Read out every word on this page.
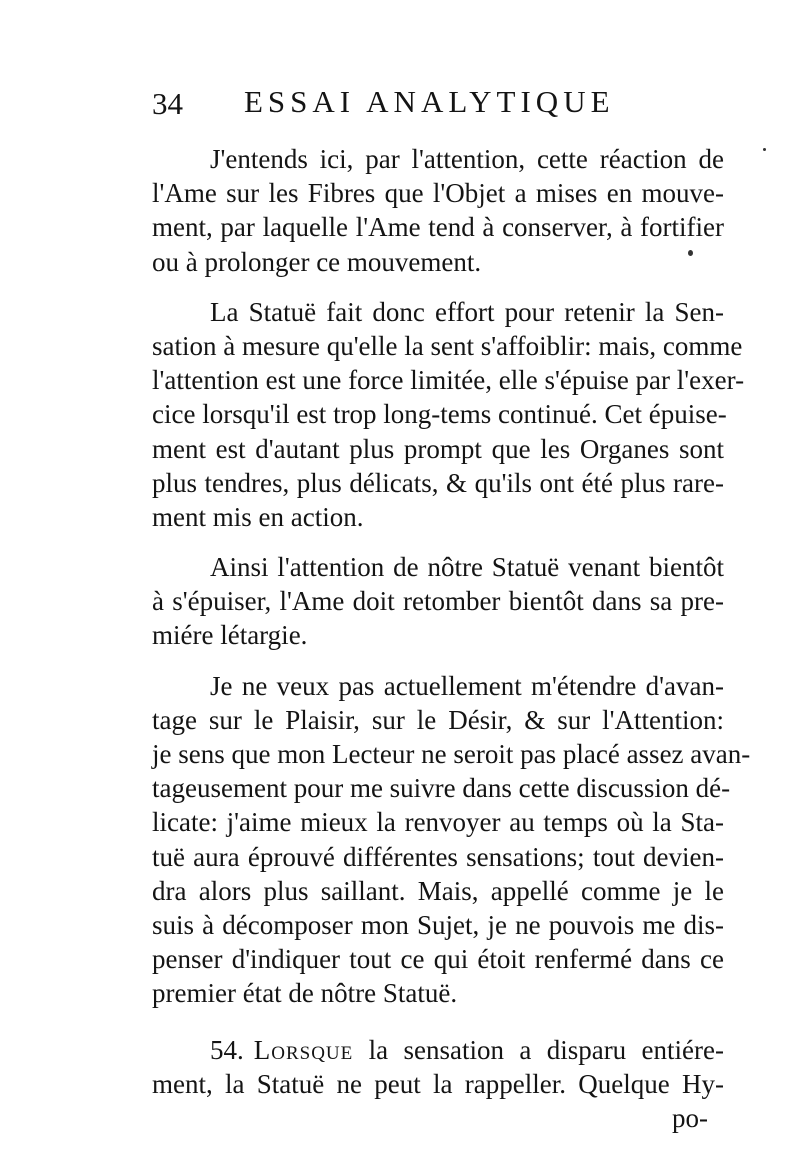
34 ESSAI ANALYTIQUE
J'entends ici, par l'attention, cette réaction de
l'Ame sur les Fibres que l'Objet a mises en mouve-
ment, par laquelle l'Ame tend à conserver, à fortifier
ou à prolonger ce mouvement.
La Statuë fait donc effort pour retenir la Sen-
sation à mesure qu'elle la sent s'affoiblir: mais, comme
l'attention est une force limitée, elle s'épuise par l'exer-
cice lorsqu'il est trop long-tems continué. Cet épuise-
ment est d'autant plus prompt que les Organes sont
plus tendres, plus délicats, & qu'ils ont été plus rare-
ment mis en action.
Ainsi l'attention de nôtre Statuë venant bientôt
à s'épuiser, l'Ame doit retomber bientôt dans sa pre-
miére létargie.
Je ne veux pas actuellement m'étendre d'avan-
tage sur le Plaisir, sur le Désir, & sur l'Attention:
je sens que mon Lecteur ne seroit pas placé assez avan-
tageusement pour me suivre dans cette discussion dé-
licate: j'aime mieux la renvoyer au temps où la Sta-
tuë aura éprouvé différentes sensations; tout devien-
dra alors plus saillant. Mais, appellé comme je le
suis à décomposer mon Sujet, je ne pouvois me dis-
penser d'indiquer tout ce qui étoit renfermé dans ce
premier état de nôtre Statuë.
54. Lorsque la sensation a disparu entiére-
ment, la Statuë ne peut la rappeller. Quelque Hy-
po-
